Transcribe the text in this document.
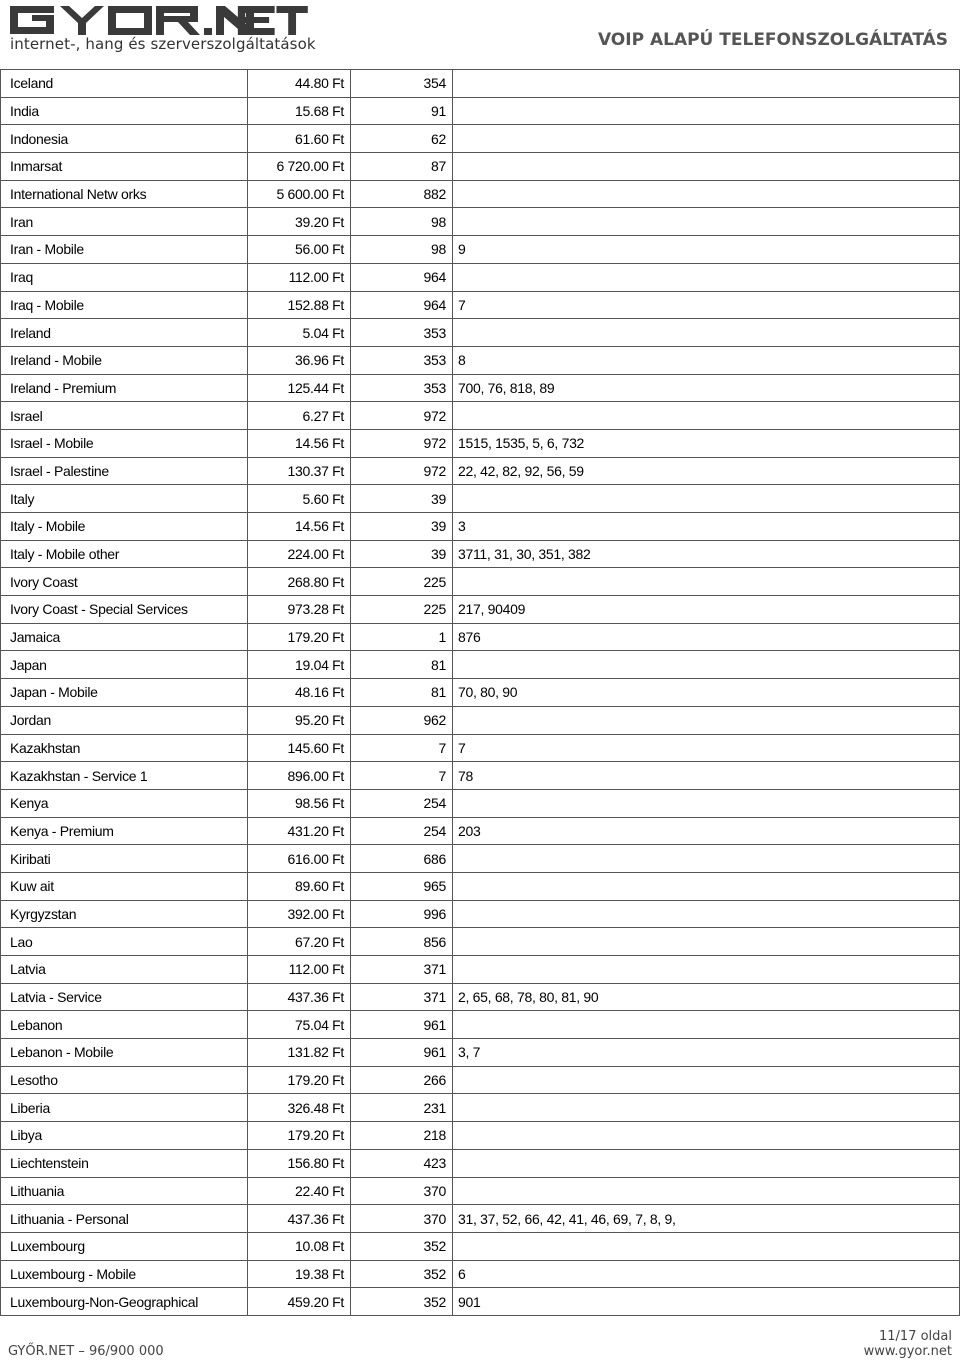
internet-, hang és szerverszolgáltatások	VOIP ALAPÚ TELEFONSZOLGÁLTATÁS
Iceland	44.80 Ft	354	
India	15.68 Ft	91	
Indonesia	61.60 Ft	62	
Inmarsat	6 720.00 Ft	87	
International Netw orks	5 600.00 Ft	882	
Iran	39.20 Ft	98	
Iran - Mobile	56.00 Ft	98	9
Iraq	112.00 Ft	964	
Iraq - Mobile	152.88 Ft	964	7
Ireland	5.04 Ft	353	
Ireland - Mobile	36.96 Ft	353	8
Ireland - Premium	125.44 Ft	353	700, 76, 818, 89
Israel	6.27 Ft	972	
Israel - Mobile	14.56 Ft	972	1515, 1535, 5, 6, 732
Israel - Palestine	130.37 Ft	972	22, 42, 82, 92, 56, 59
Italy	5.60 Ft	39	
Italy - Mobile	14.56 Ft	39	3
Italy - Mobile other	224.00 Ft	39	3711, 31, 30, 351, 382
Ivory Coast	268.80 Ft	225	
Ivory Coast - Special Services	973.28 Ft	225	217, 90409
Jamaica	179.20 Ft	1	876
Japan	19.04 Ft	81	
Japan - Mobile	48.16 Ft	81	70, 80, 90
Jordan	95.20 Ft	962	
Kazakhstan	145.60 Ft	7	7
Kazakhstan - Service 1	896.00 Ft	7	78
Kenya	98.56 Ft	254	
Kenya - Premium	431.20 Ft	254	203
Kiribati	616.00 Ft	686	
Kuw ait	89.60 Ft	965	
Kyrgyzstan	392.00 Ft	996	
Lao	67.20 Ft	856	
Latvia	112.00 Ft	371	
Latvia - Service	437.36 Ft	371	2, 65, 68, 78, 80, 81, 90
Lebanon	75.04 Ft	961	
Lebanon - Mobile	131.82 Ft	961	3, 7
Lesotho	179.20 Ft	266	
Liberia	326.48 Ft	231	
Libya	179.20 Ft	218	
Liechtenstein	156.80 Ft	423	
Lithuania	22.40 Ft	370	
Lithuania - Personal	437.36 Ft	370	31, 37, 52, 66, 42, 41, 46, 69, 7, 8, 9,
Luxembourg	10.08 Ft	352	
Luxembourg - Mobile	19.38 Ft	352	6
Luxembourg-Non-Geographical	459.20 Ft	352	901
GYŐR.NET – 96/900 000
11/17 oldal
www.gyor.net
